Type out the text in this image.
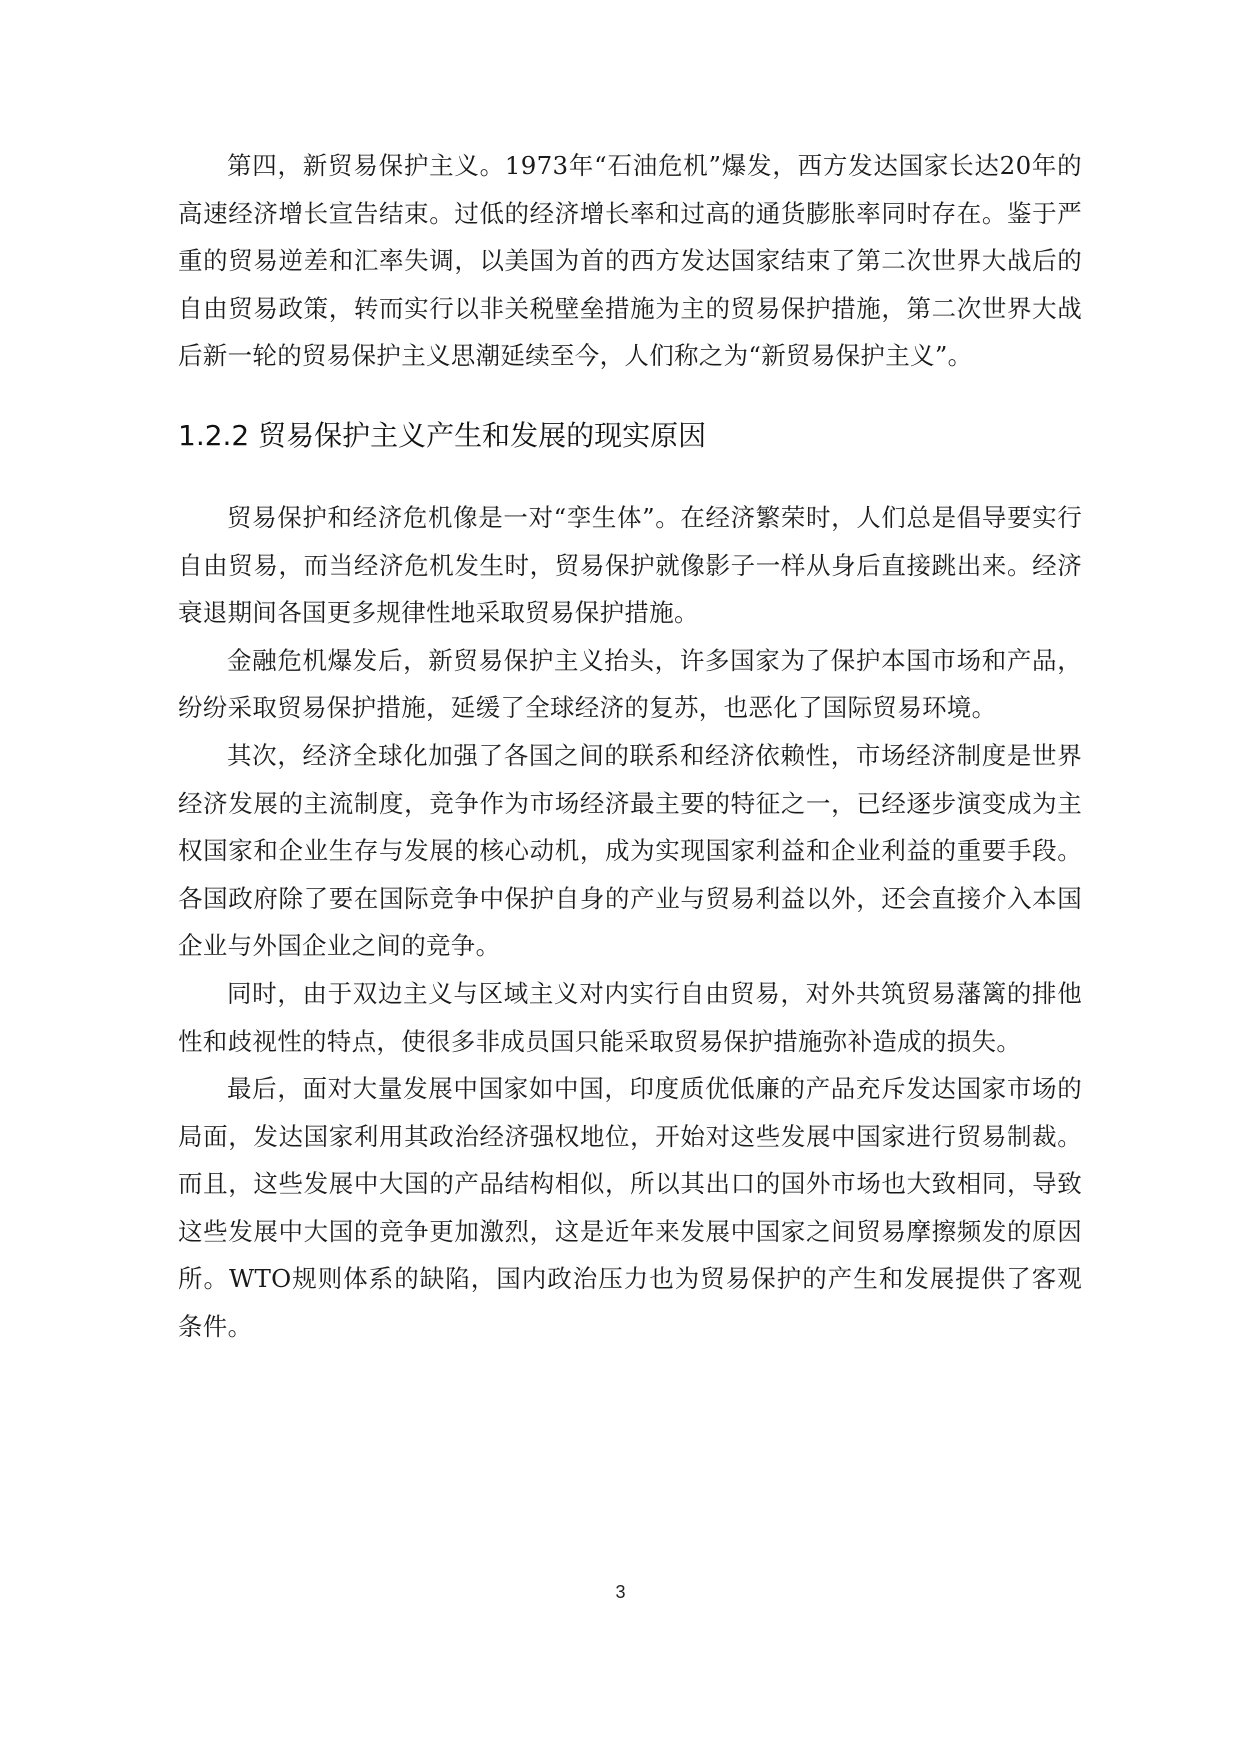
第四，新贸易保护主义。1973年“石油危机”爆发，西方发达国家长达20年的高速经济增长宣告结束。过低的经济增长率和过高的通货膨胀率同时存在。鉴于严重的贸易逆差和汇率失调，以美国为首的西方发达国家结束了第二次世界大战后的自由贸易政策，转而实行以非关税壁垒措施为主的贸易保护措施，第二次世界大战后新一轮的贸易保护主义思潮延续至今，人们称之为“新贸易保护主义”。

1.2.2 贸易保护主义产生和发展的现实原因

贸易保护和经济危机像是一对“孪生体”。在经济繁荣时，人们总是倡导要实行自由贸易，而当经济危机发生时，贸易保护就像影子一样从身后直接跳出来。经济衰退期间各国更多规律性地采取贸易保护措施。

金融危机爆发后，新贸易保护主义抬头，许多国家为了保护本国市场和产品，纷纷采取贸易保护措施，延缓了全球经济的复苏，也恶化了国际贸易环境。

其次，经济全球化加强了各国之间的联系和经济依赖性，市场经济制度是世界经济发展的主流制度，竞争作为市场经济最主要的特征之一，已经逐步演变成为主权国家和企业生存与发展的核心动机，成为实现国家利益和企业利益的重要手段。各国政府除了要在国际竞争中保护自身的产业与贸易利益以外，还会直接介入本国企业与外国企业之间的竞争。

同时，由于双边主义与区域主义对内实行自由贸易，对外共筑贸易藩篱的排他性和歧视性的特点，使很多非成员国只能采取贸易保护措施弥补造成的损失。

最后，面对大量发展中国家如中国，印度质优低廉的产品充斥发达国家市场的局面，发达国家利用其政治经济强权地位，开始对这些发展中国家进行贸易制裁。而且，这些发展中大国的产品结构相似，所以其出口的国外市场也大致相同，导致这些发展中大国的竞争更加激烈，这是近年来发展中国家之间贸易摩擦频发的原因所。WTO规则体系的缺陷，国内政治压力也为贸易保护的产生和发展提供了客观条件。

3
